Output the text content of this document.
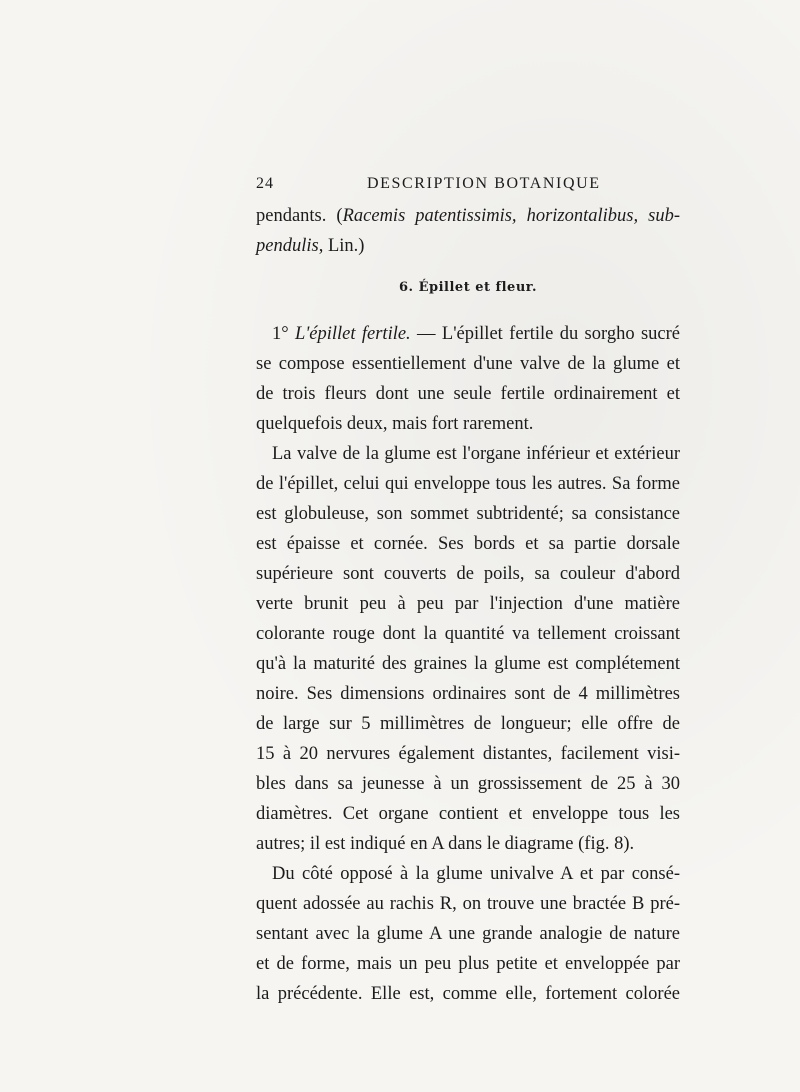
24	DESCRIPTION BOTANIQUE
pendants. (Racemis patentissimis, horizontalibus, sub-
pendulis, Lin.)
6. Épillet et fleur.
1° L'épillet fertile. — L'épillet fertile du sorgho sucré
se compose essentiellement d'une valve de la glume et
de trois fleurs dont une seule fertile ordinairement et
quelquefois deux, mais fort rarement.
La valve de la glume est l'organe inférieur et extérieur
de l'épillet, celui qui enveloppe tous les autres. Sa forme
est globuleuse, son sommet subtridenté; sa consistance
est épaisse et cornée. Ses bords et sa partie dorsale
supérieure sont couverts de poils, sa couleur d'abord
verte brunit peu à peu par l'injection d'une matière
colorante rouge dont la quantité va tellement croissant
qu'à la maturité des graines la glume est complétement
noire. Ses dimensions ordinaires sont de 4 millimètres
de large sur 5 millimètres de longueur; elle offre de
15 à 20 nervures également distantes, facilement visi-
bles dans sa jeunesse à un grossissement de 25 à 30
diamètres. Cet organe contient et enveloppe tous les
autres; il est indiqué en A dans le diagrame (fig. 8).
Du côté opposé à la glume univalve A et par consé-
quent adossée au rachis R, on trouve une bractée B pré-
sentant avec la glume A une grande analogie de nature
et de forme, mais un peu plus petite et enveloppée par
la précédente. Elle est, comme elle, fortement colorée
